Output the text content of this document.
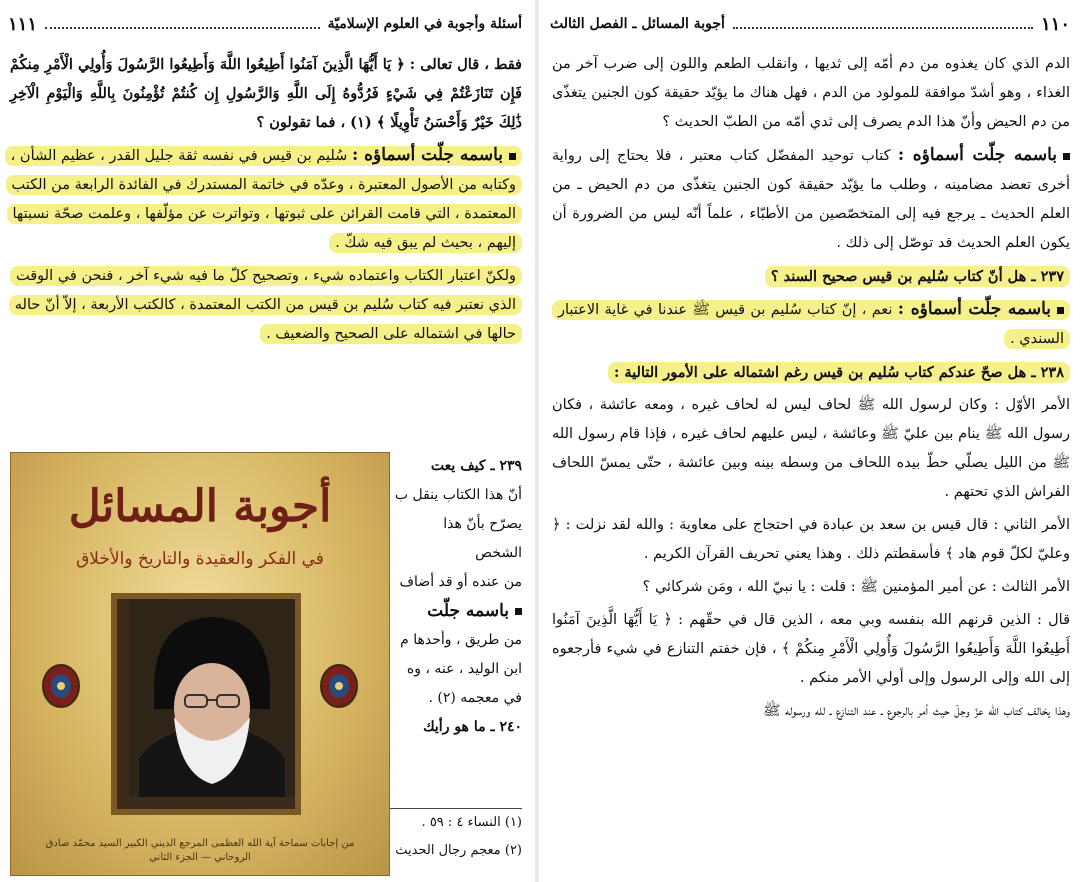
١١٠
أجوبة المسائل ـ الفصل الثالث

الدم الذي كان يغذوه من دم أمّه إلى ثديها ، وانقلب الطعم واللون إلى ضرب آخر من الغذاء ، وهو أشدّ موافقة للمولود من الدم ، فهل هناك ما يؤيّد حقيقة كون الجنين يتغذّى من دم الحيض وأنّ هذا الدم يصرف إلى ثدي أمّه من الطبّ الحديث ؟

باسمه جلّت أسماؤه : كتاب توحيد المفضّل كتاب معتبر ، فلا يحتاج إلى رواية أخرى تعضد مضامينه ، وطلب ما يؤيّد حقيقة كون الجنين يتغذّى من دم الحيض ـ من العلم الحديث ـ يرجع فيه إلى المتخصّصين من الأطبّاء ، علماً أنّه ليس من الضرورة أن يكون العلم الحديث قد توصّل إلى ذلك .

٢٣٧ ـ هل أنّ كتاب سُليم بن قيس صحيح السند ؟

باسمه جلّت أسماؤه : نعم ، إنّ كتاب سُليم بن قيس ﷺ عندنا في غاية الاعتبار السندي .

٢٣٨ ـ هل صحّ عندكم كتاب سُليم بن قيس رغم اشتماله على الأمور التالية :

الأمر الأوّل : وكان لرسول الله ﷺ لحاف ليس له لحاف غيره ، ومعه عائشة ، فكان رسول الله ﷺ ينام بين عليّ ﷺ وعائشة ، ليس عليهم لحاف غيره ، فإذا قام رسول الله ﷺ من الليل يصلّي حطّ بيده اللحاف من وسطه بينه وبين عائشة ، حتّى يمسّ اللحاف الفراش الذي تحتهم .

الأمر الثاني : قال قيس بن سعد بن عبادة في احتجاج على معاوية : والله لقد نزلت : ﴿ وعليّ لكلّ قوم هاد ﴾ فأسقطتم ذلك . وهذا يعني تحريف القرآن الكريم .

الأمر الثالث : عن أمير المؤمنين ﷺ : قلت : يا نبيّ الله ، ومَن شركائي ؟

قال : الذين قرنهم الله بنفسه وبي معه ، الذين قال في حقّهم : ﴿ يَا أَيُّهَا الَّذِينَ آمَنُوا أَطِيعُوا اللَّهَ وَأَطِيعُوا الرَّسُولَ وَأُولِي الْأَمْرِ مِنكُمْ ﴾ ، فإن خفتم التنازع في شيء فأرجعوه إلى الله وإلى الرسول وإلى أولي الأمر منكم .

وهذا يخالف كتاب الله عزّ وجلّ حيث أمر بالرجوع ـ عند التنازع ـ لله ورسوله ﷺ

أسئلة وأجوبة في العلوم الإسلاميّة
١١١

فقط ، قال تعالى : ﴿ يَا أَيُّهَا الَّذِينَ آمَنُوا أَطِيعُوا اللَّهَ وَأَطِيعُوا الرَّسُولَ وَأُولِي الْأَمْرِ مِنكُمْ فَإِن تَنَازَعْتُمْ فِي شَيْءٍ فَرُدُّوهُ إِلَى اللَّهِ وَالرَّسُولِ إِن كُنتُمْ تُؤْمِنُونَ بِاللَّهِ وَالْيَوْمِ الْآخِرِ ذَٰلِكَ خَيْرٌ وَأَحْسَنُ تَأْوِيلًا ﴾ (١) ، فما تقولون ؟

باسمه جلّت أسماؤه : سُليم بن قيس في نفسه ثقة جليل القدر ، عظيم الشأن ، وكتابه من الأصول المعتبرة ، وعدّه في خاتمة المستدرك في الفائدة الرابعة من الكتب المعتمدة ، التي قامت القرائن على ثبوتها ، وتواترت عن مؤلّفها ، وعلمت صحّة نسبتها إليهم ، بحيث لم يبق فيه شكّ .

ولكنّ اعتبار الكتاب واعتماده شيء ، وتصحيح كلّ ما فيه شيء آخر ، فنحن في الوقت الذي نعتبر فيه كتاب سُليم بن قيس من الكتب المعتمدة ، كالكتب الأربعة ، إلاّ أنّ حاله حالها في اشتماله على الصحيح والضعيف .

٢٣٩ ـ كيف يعت
أنّ هذا الكتاب ينقل ب
يصرّح بأنّ هذا الشخص
من عنده أو قد أضاف
باسمه جلّت
من طريق ، وأحدها م
ابن الوليد ، عنه ، وه
في معجمه (٢) .
٢٤٠ ـ ما هو رأيك
(١) النساء ٤ : ٥٩ .
(٢) معجم رجال الحديث
أجوبة المسائل
في الفكر والعقيدة والتاريخ والأخلاق
من إجابات سماحة آية الله العظمى المرجع الديني الكبير السيد محمّد صادق الروحاني — الجزء الثاني
